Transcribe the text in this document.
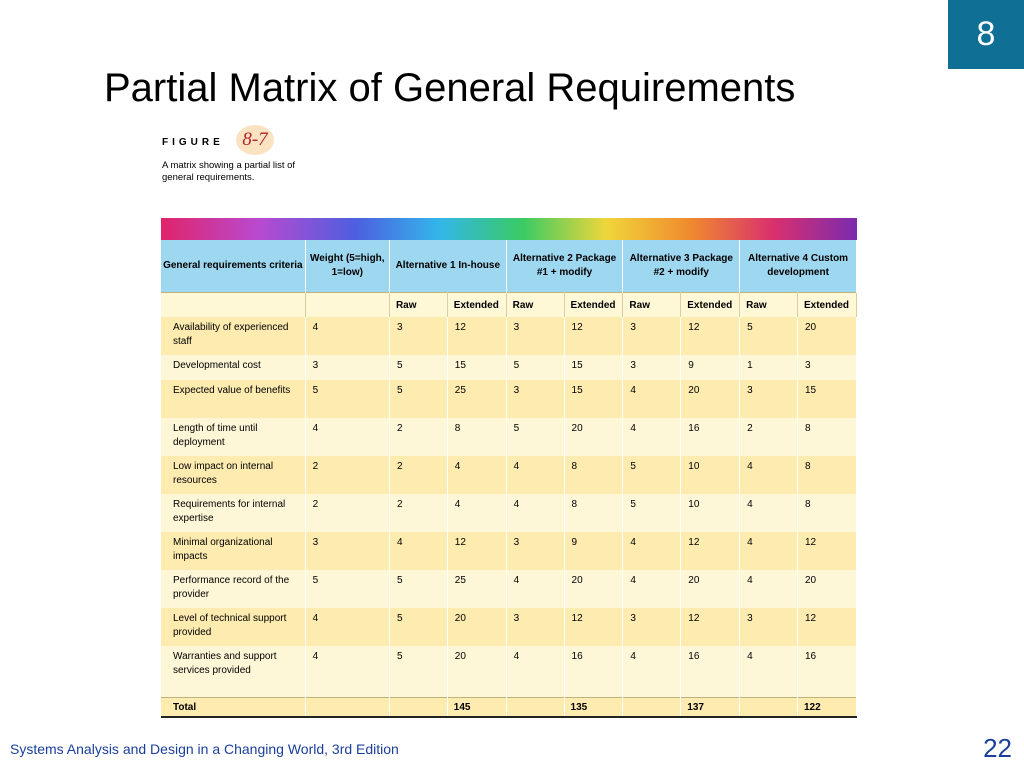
8
Partial Matrix of General Requirements
FIGURE 8-7
A matrix showing a partial list of general requirements.
General requirements criteria	Weight (5=high, 1=low)	Alternative 1 In-house		Alternative 2 Package #1 + modify		Alternative 3 Package #2 + modify		Alternative 4 Custom development	
		Raw	Extended	Raw	Extended	Raw	Extended	Raw	Extended
Availability of experienced staff	4	3	12	3	12	3	12	5	20
Developmental cost	3	5	15	5	15	3	9	1	3
Expected value of benefits	5	5	25	3	15	4	20	3	15
Length of time until deployment	4	2	8	5	20	4	16	2	8
Low impact on internal resources	2	2	4	4	8	5	10	4	8
Requirements for internal expertise	2	2	4	4	8	5	10	4	8
Minimal organizational impacts	3	4	12	3	9	4	12	4	12
Performance record of the provider	5	5	25	4	20	4	20	4	20
Level of technical support provided	4	5	20	3	12	3	12	3	12
Warranties and support services provided	4	5	20	4	16	4	16	4	16
Total			145		135		137		122
Systems Analysis and Design in a Changing World, 3rd Edition	22
